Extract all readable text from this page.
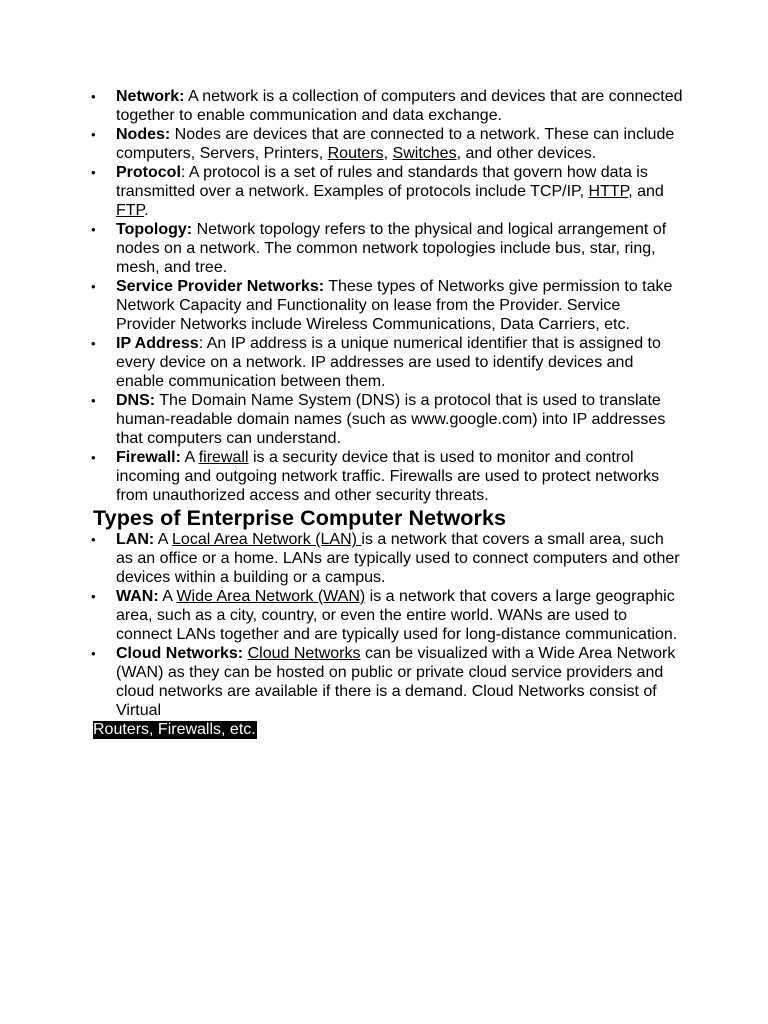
• Network: A network is a collection of computers and devices that are connected together to enable communication and data exchange.
• Nodes: Nodes are devices that are connected to a network. These can include computers, Servers, Printers, Routers, Switches, and other devices.
• Protocol: A protocol is a set of rules and standards that govern how data is transmitted over a network. Examples of protocols include TCP/IP, HTTP, and FTP.
• Topology: Network topology refers to the physical and logical arrangement of nodes on a network. The common network topologies include bus, star, ring, mesh, and tree.
• Service Provider Networks: These types of Networks give permission to take Network Capacity and Functionality on lease from the Provider. Service Provider Networks include Wireless Communications, Data Carriers, etc.
• IP Address: An IP address is a unique numerical identifier that is assigned to every device on a network. IP addresses are used to identify devices and enable communication between them.
• DNS: The Domain Name System (DNS) is a protocol that is used to translate human-readable domain names (such as www.google.com) into IP addresses that computers can understand.
• Firewall: A firewall is a security device that is used to monitor and control incoming and outgoing network traffic. Firewalls are used to protect networks from unauthorized access and other security threats.
Types of Enterprise Computer Networks
• LAN: A Local Area Network (LAN) is a network that covers a small area, such as an office or a home. LANs are typically used to connect computers and other devices within a building or a campus.
• WAN: A Wide Area Network (WAN) is a network that covers a large geographic area, such as a city, country, or even the entire world. WANs are used to connect LANs together and are typically used for long-distance communication.
• Cloud Networks: Cloud Networks can be visualized with a Wide Area Network (WAN) as they can be hosted on public or private cloud service providers and cloud networks are available if there is a demand. Cloud Networks consist of Virtual
Routers, Firewalls, etc.
